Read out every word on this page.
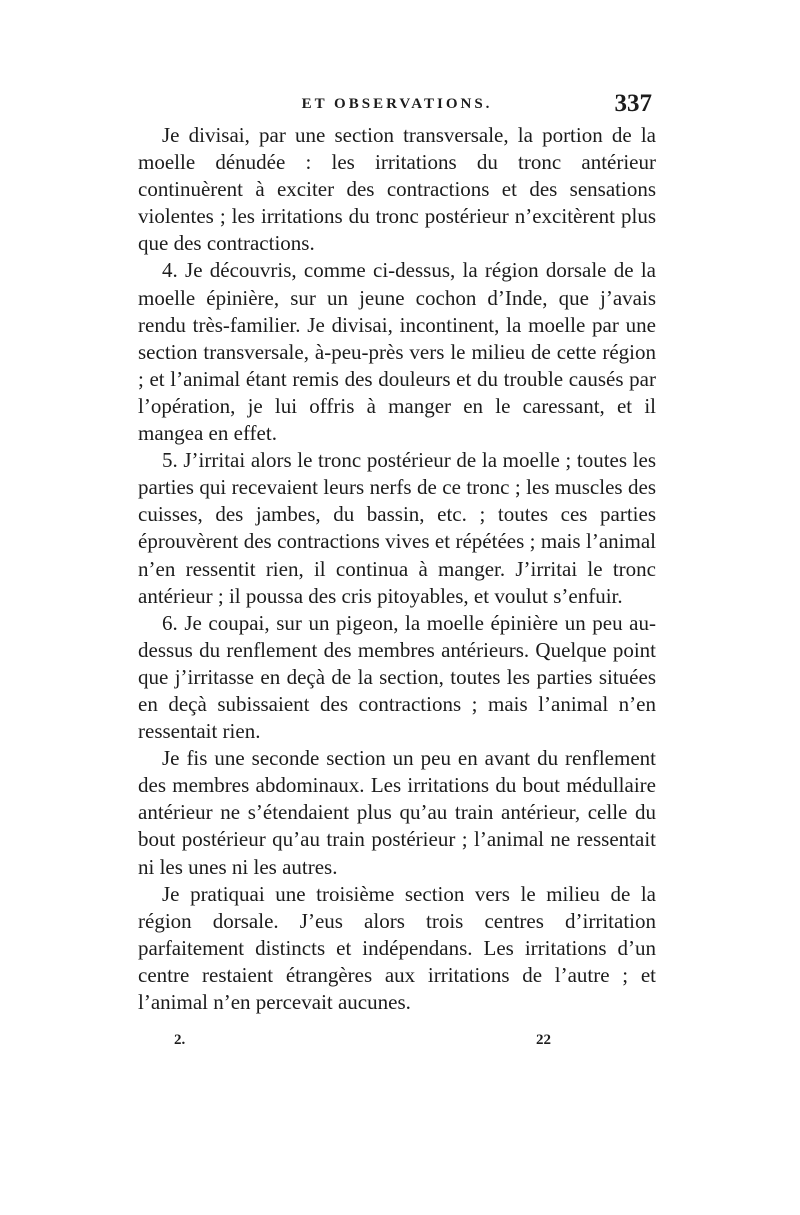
ET OBSERVATIONS.	337

Je divisai, par une section transversale, la portion de la moelle dénudée : les irritations du tronc antérieur continuèrent à exciter des contractions et des sensations violentes ; les irritations du tronc postérieur n’excitèrent plus que des contractions.

4. Je découvris, comme ci-dessus, la région dorsale de la moelle épinière, sur un jeune cochon d’Inde, que j’avais rendu très-familier. Je divisai, incontinent, la moelle par une section transversale, à-peu-près vers le milieu de cette région ; et l’animal étant remis des douleurs et du trouble causés par l’opération, je lui offris à manger en le caressant, et il mangea en effet.

5. J’irritai alors le tronc postérieur de la moelle ; toutes les parties qui recevaient leurs nerfs de ce tronc ; les muscles des cuisses, des jambes, du bassin, etc. ; toutes ces parties éprouvèrent des contractions vives et répétées ; mais l’animal n’en ressentit rien, il continua à manger. J’irritai le tronc antérieur ; il poussa des cris pitoyables, et voulut s’enfuir.

6. Je coupai, sur un pigeon, la moelle épinière un peu au-dessus du renflement des membres antérieurs. Quelque point que j’irritasse en deçà de la section, toutes les parties situées en deçà subissaient des contractions ; mais l’animal n’en ressentait rien.

Je fis une seconde section un peu en avant du renflement des membres abdominaux. Les irritations du bout médullaire antérieur ne s’étendaient plus qu’au train antérieur, celle du bout postérieur qu’au train postérieur ; l’animal ne ressentait ni les unes ni les autres.

Je pratiquai une troisième section vers le milieu de la région dorsale. J’eus alors trois centres d’irritation parfaitement distincts et indépendans. Les irritations d’un centre restaient étrangères aux irritations de l’autre ; et l’animal n’en percevait aucunes.

2.	22
